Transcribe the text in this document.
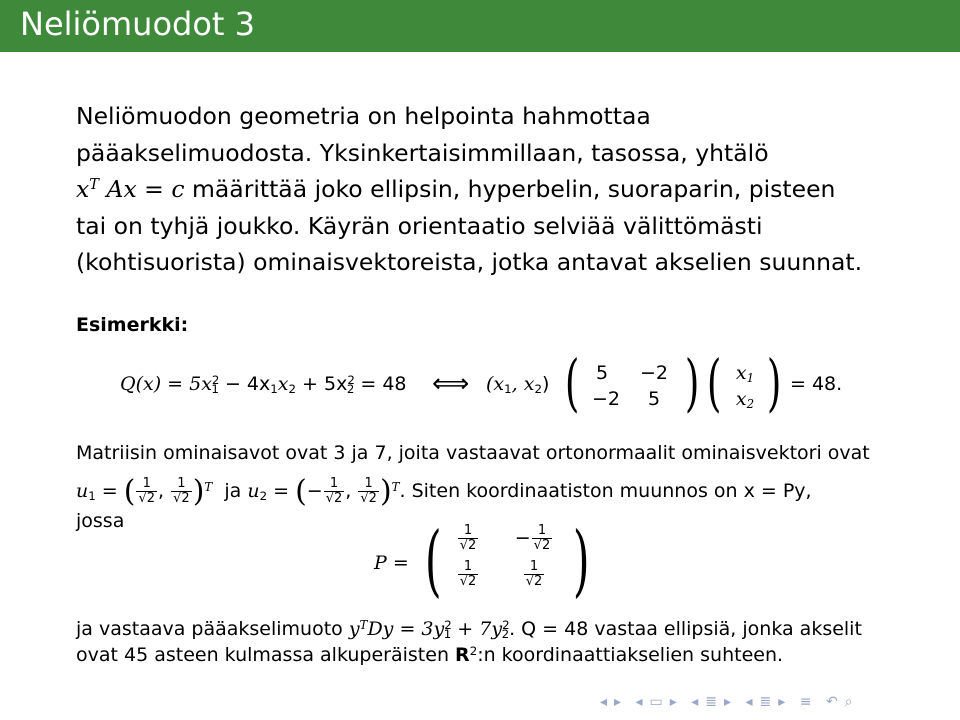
Neliömuodot 3

Neliömuodon geometria on helpointa hahmottaa
pääakselimuodosta. Yksinkertaisimmillaan, tasossa, yhtälö
$x^T$ Ax = c määrittää joko ellipsin, hyperbelin, suoraparin, pisteen
tai on tyhjä joukko. Käyrän orientaatio selviää välittömästi
(kohtisuorista) ominaisvektoreista, jotka antavat akselien suunnat.

Esimerkki:
$Q(x) = 5x^2_1 - 4x_1x_2 + 5x^2_2 = 48$ ⟺ ($x_1$, $x_2$) ( )
5	−2
−2	5 ( )
$x_1$
$x_2$
= 48.
Matriisin ominaisavot ovat 3 ja 7, joita vastaavat ortonormaalit ominaisvektori ovat
$u_1$ = ( $\frac{1}{√2}$ , $\frac{1}{√2} )^T$ ja $u_2$ = (− $\frac{1}{√2}$ , $\frac{1}{√2} )^T$. Siten koordinaatiston muunnos on x = Py,
jossa
P = ( )
$\frac{1}{√2}$	− $\frac{1}{√2}$
$\frac{1}{√2}$	$\frac{1}{√2}$
ja vastaava pääakselimuoto $y^TDy = 3y^2_1 + 7y^2_2$. Q = 48 vastaa ellipsiä, jonka akselit
ovat 45 asteen kulmassa alkuperäisten $R^2:n$ koordinaattiakselien suhteen.
◂ ▸ ◂ ▭ ▸ ◂ ≣ ▸ ◂ ≣ ▸ ≡ ↶ ⌕
